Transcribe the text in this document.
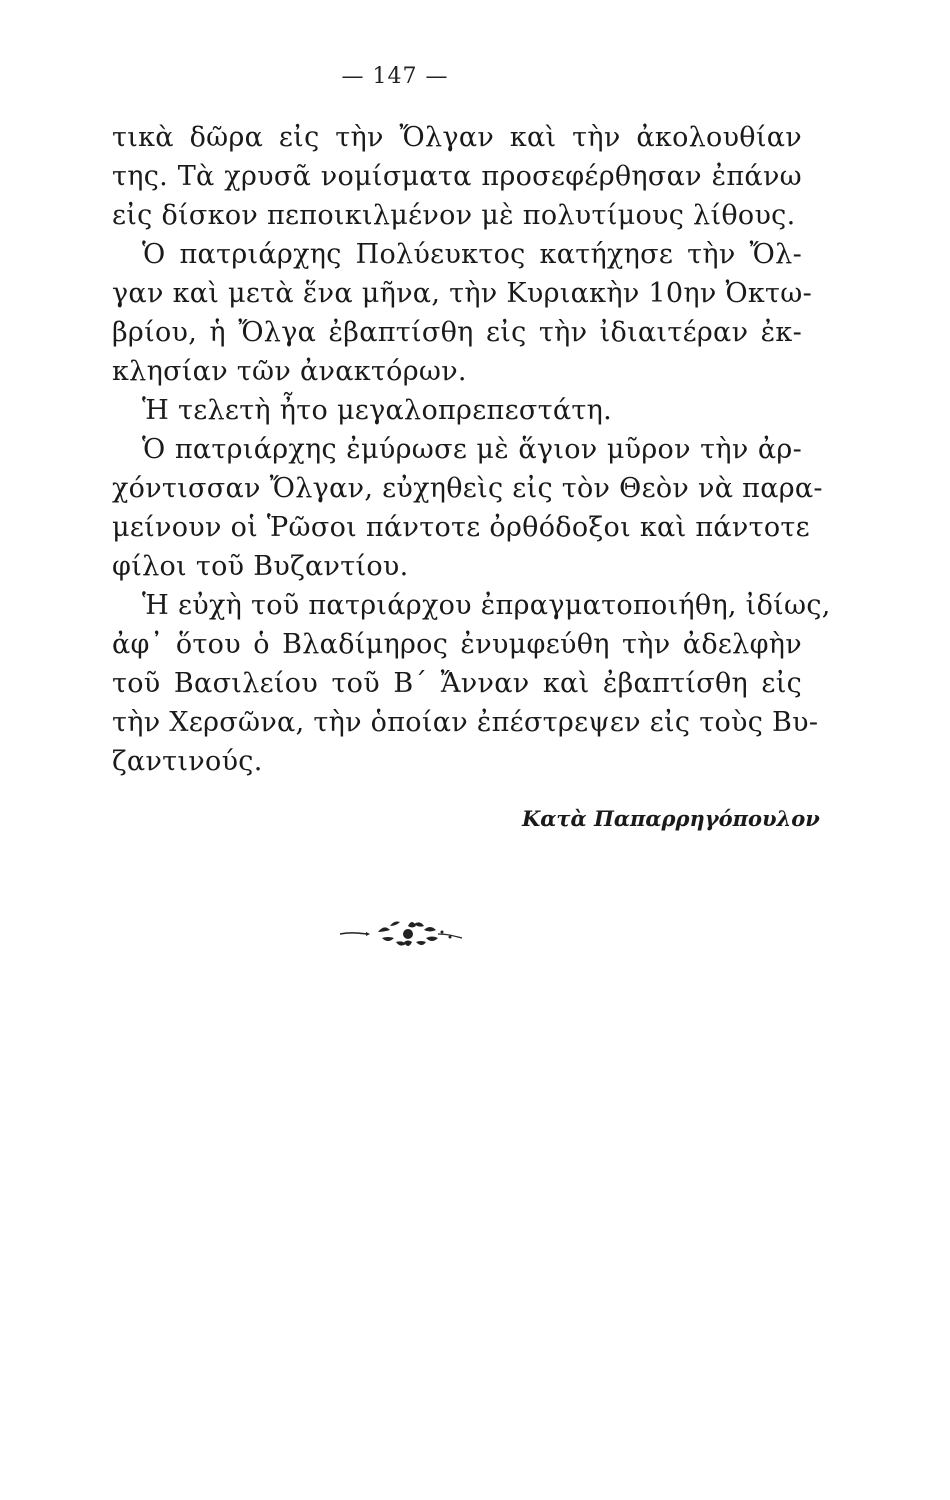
— 147 —
τικὰ δῶρα εἰς τὴν Ὄλγαν καὶ τὴν ἀκολουθίαν
της. Τὰ χρυσᾶ νομίσματα προσεφέρθησαν ἐπάνω
εἰς δίσκον πεποικιλμένον μὲ πολυτίμους λίθους.
Ὁ πατριάρχης Πολύευκτος κατήχησε τὴν Ὄλ-
γαν καὶ μετὰ ἕνα μῆνα, τὴν Κυριακὴν 10ην Ὀκτω-
βρίου, ἡ Ὄλγα ἐβαπτίσθη εἰς τὴν ἰδιαιτέραν ἐκ-
κλησίαν τῶν ἀνακτόρων.
Ἡ τελετὴ ἦτο μεγαλοπρεπεστάτη.
Ὁ πατριάρχης ἐμύρωσε μὲ ἅγιον μῦρον τὴν ἀρ-
χόντισσαν Ὄλγαν, εὐχηθεὶς εἰς τὸν Θεὸν νὰ παρα-
μείνουν οἱ Ῥῶσοι πάντοτε ὀρθόδοξοι καὶ πάντοτε
φίλοι τοῦ Βυζαντίου.
Ἡ εὐχὴ τοῦ πατριάρχου ἐπραγματοποιήθη, ἰδίως,
ἀφ᾽ ὅτου ὁ Βλαδίμηρος ἐνυμφεύθη τὴν ἀδελφὴν
τοῦ Βασιλείου τοῦ Β´ Ἄνναν καὶ ἐβαπτίσθη εἰς
τὴν Χερσῶνα, τὴν ὁποίαν ἐπέστρεψεν εἰς τοὺς Βυ-
ζαντινούς.
Κατὰ Παπαρρηγόπουλον
